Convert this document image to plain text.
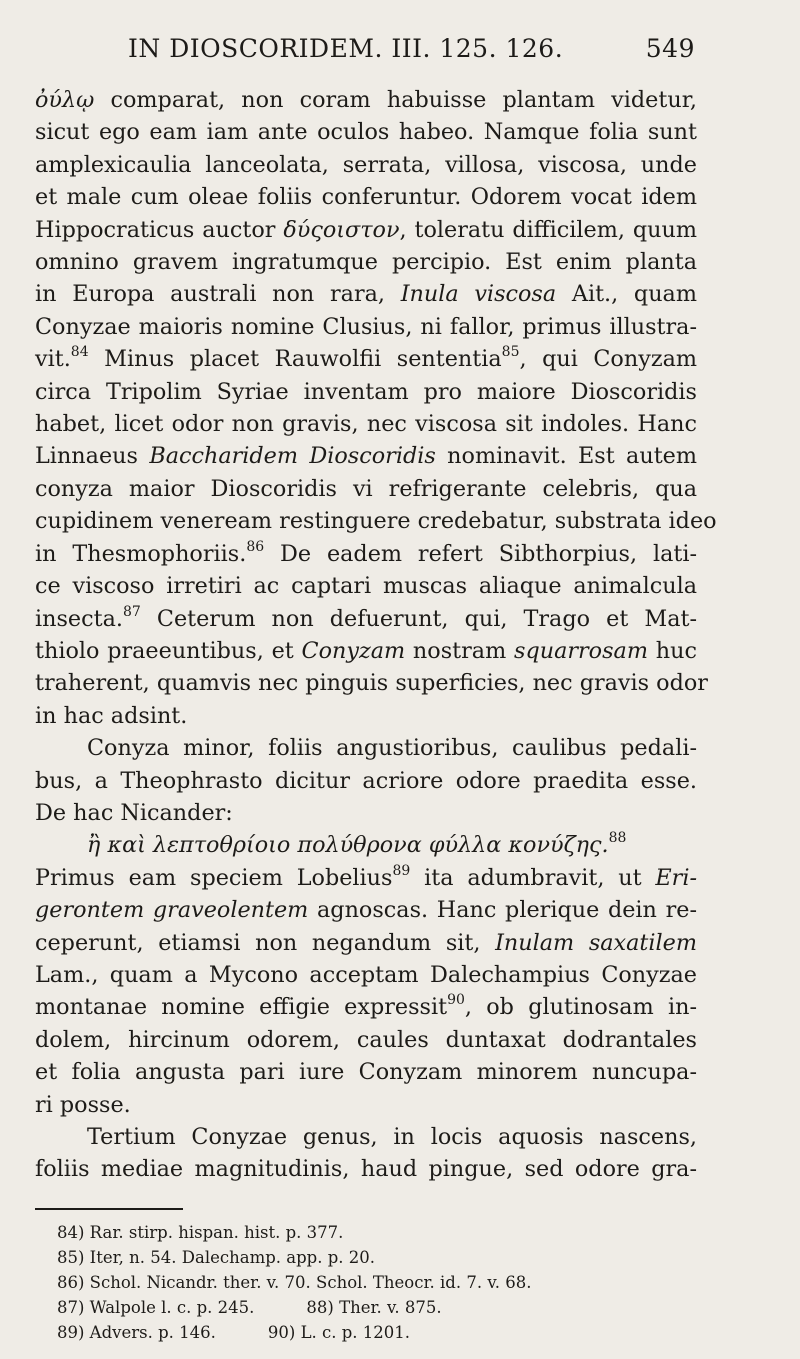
IN DIOSCORIDEM. III. 125. 126.	549
ὀύλῳ comparat, non coram habuisse plantam videtur,
sicut ego eam iam ante oculos habeo. Namque folia sunt
amplexicaulia lanceolata, serrata, villosa, viscosa, unde
et male cum oleae foliis conferuntur. Odorem vocat idem
Hippocraticus auctor δύςοιστον, toleratu difficilem, quum
omnino gravem ingratumque percipio. Est enim planta
in Europa australi non rara, Inula viscosa Ait., quam
Conyzae maioris nomine Clusius, ni fallor, primus illustra-
vit.$^{84}$ Minus placet Rauwolfii sententia$^{85}$, qui Conyzam
circa Tripolim Syriae inventam pro maiore Dioscoridis
habet, licet odor non gravis, nec viscosa sit indoles. Hanc
Linnaeus Baccharidem Dioscoridis nominavit. Est autem
conyza maior Dioscoridis vi refrigerante celebris, qua
cupidinem veneream restinguere credebatur, substrata ideo
in Thesmophoriis.$^{86}$ De eadem refert Sibthorpius, lati-
ce viscoso irretiri ac captari muscas aliaque animalcula
insecta.$^{87}$ Ceterum non defuerunt, qui, Trago et Mat-
thiolo praeeuntibus, et Conyzam nostram squarrosam huc
traherent, quamvis nec pinguis superficies, nec gravis odor
in hac adsint.
Conyza minor, foliis angustioribus, caulibus pedali-
bus, a Theophrasto dicitur acriore odore praedita esse.
De hac Nicander:
ἢ καὶ λεπτοθρίοιο πολύθρονα φύλλα κονύζης.$^{88}$
Primus eam speciem Lobelius$^{89}$ ita adumbravit, ut Eri-
gerontem graveolentem agnoscas. Hanc plerique dein re-
ceperunt, etiamsi non negandum sit, Inulam saxatilem
Lam., quam a Mycono acceptam Dalechampius Conyzae
montanae nomine effigie expressit$^{90}$, ob glutinosam in-
dolem, hircinum odorem, caules duntaxat dodrantales
et folia angusta pari iure Conyzam minorem nuncupa-
ri posse.
Tertium Conyzae genus, in locis aquosis nascens,
foliis mediae magnitudinis, haud pingue, sed odore gra-
84) Rar. stirp. hispan. hist. p. 377.
85) Iter, n. 54. Dalechamp. app. p. 20.
86) Schol. Nicandr. ther. v. 70. Schol. Theocr. id. 7. v. 68.
87) Walpole l. c. p. 245.	88) Ther. v. 875.
89) Advers. p. 146.	90) L. c. p. 1201.
